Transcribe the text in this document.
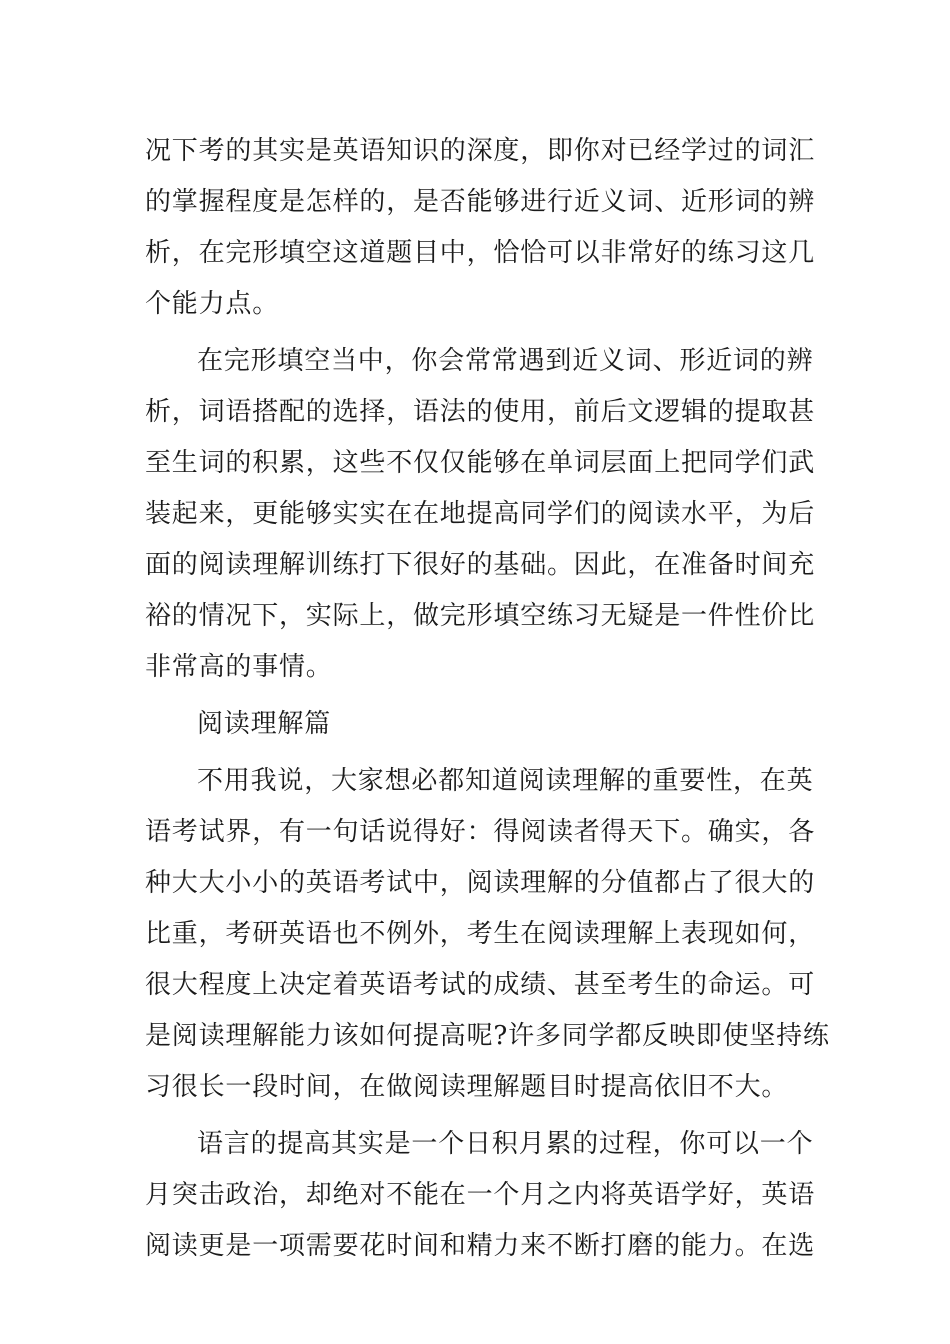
况下考的其实是英语知识的深度，即你对已经学过的词汇
的掌握程度是怎样的，是否能够进行近义词、近形词的辨
析，在完形填空这道题目中，恰恰可以非常好的练习这几
个能力点。

在完形填空当中，你会常常遇到近义词、形近词的辨
析，词语搭配的选择，语法的使用，前后文逻辑的提取甚
至生词的积累，这些不仅仅能够在单词层面上把同学们武
装起来，更能够实实在在地提高同学们的阅读水平，为后
面的阅读理解训练打下很好的基础。因此，在准备时间充
裕的情况下，实际上，做完形填空练习无疑是一件性价比
非常高的事情。

阅读理解篇

不用我说，大家想必都知道阅读理解的重要性，在英
语考试界，有一句话说得好：得阅读者得天下。确实，各
种大大小小的英语考试中，阅读理解的分值都占了很大的
比重，考研英语也不例外，考生在阅读理解上表现如何，
很大程度上决定着英语考试的成绩、甚至考生的命运。可
是阅读理解能力该如何提高呢?许多同学都反映即使坚持练
习很长一段时间，在做阅读理解题目时提高依旧不大。

语言的提高其实是一个日积月累的过程，你可以一个
月突击政治，却绝对不能在一个月之内将英语学好，英语
阅读更是一项需要花时间和精力来不断打磨的能力。在选
